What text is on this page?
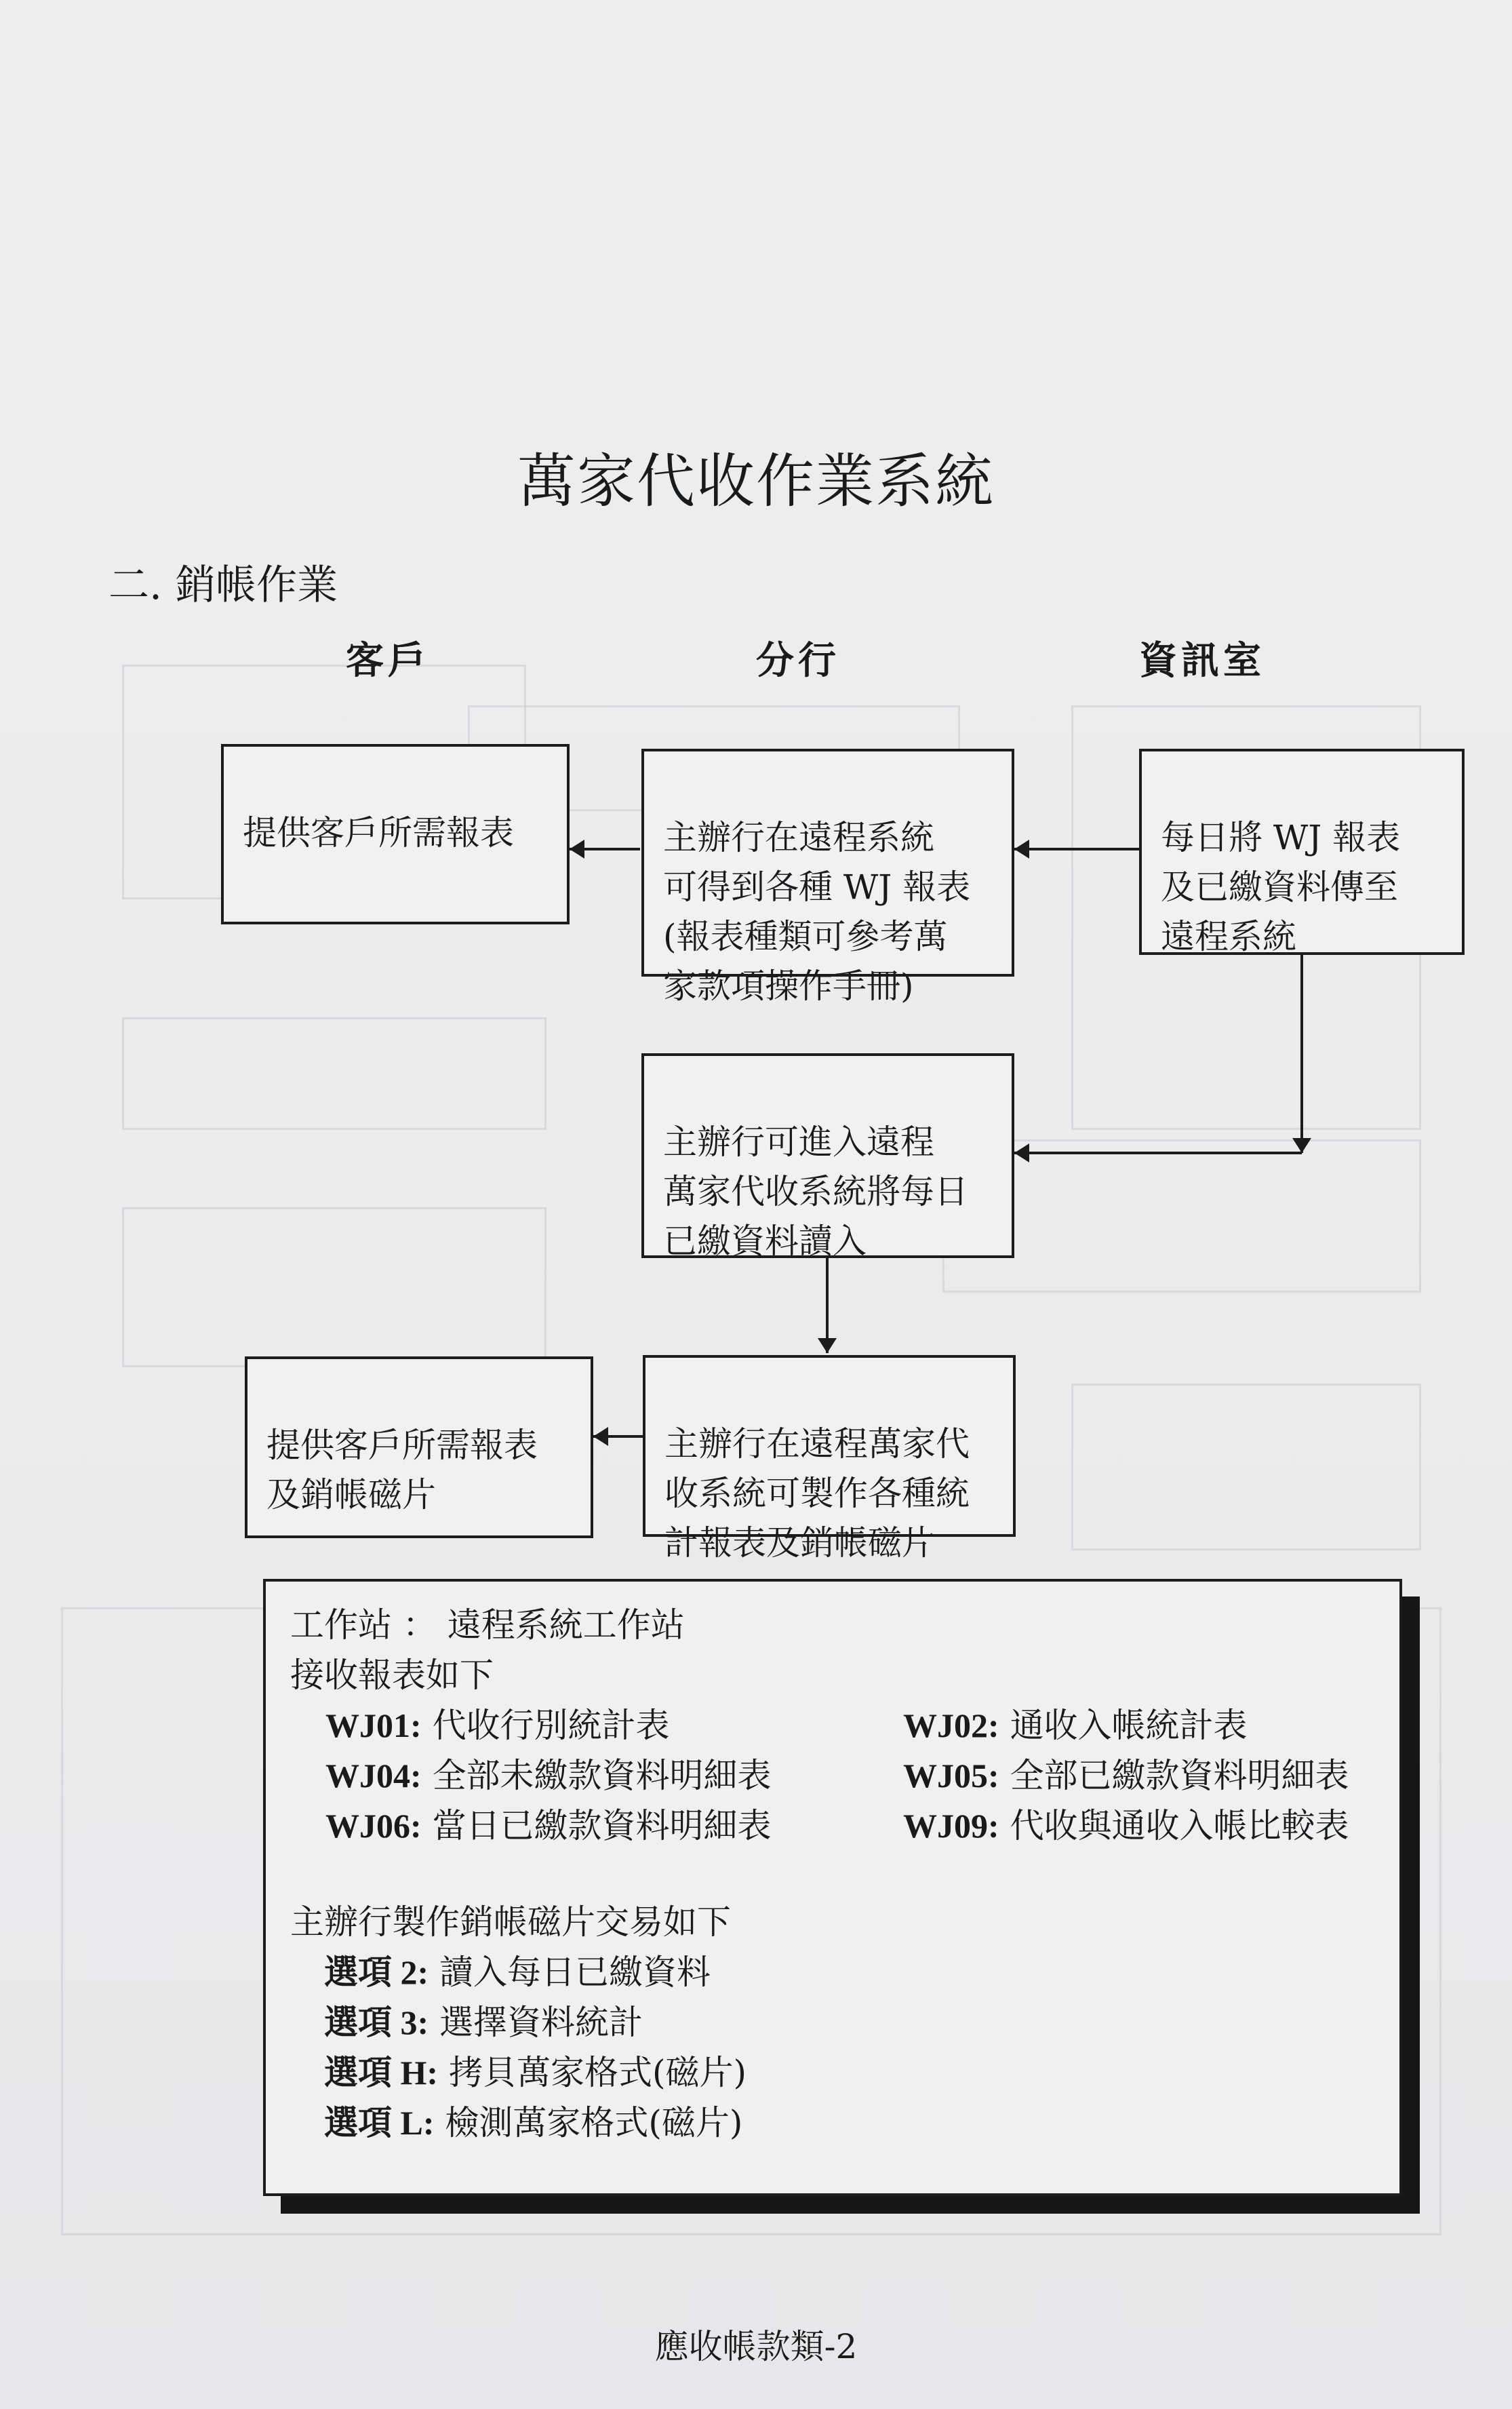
萬家代收作業系統
二. 銷帳作業
客戶	分行	資訊室

每日將 WJ 報表
及已繳資料傳至
遠程系統

主辦行在遠程系統
可得到各種 WJ 報表
(報表種類可參考萬
家款項操作手冊)

提供客戶所需報表

主辦行可進入遠程
萬家代收系統將每日
已繳資料讀入

主辦行在遠程萬家代
收系統可製作各種統
計報表及銷帳磁片

提供客戶所需報表
及銷帳磁片

工作站 ： 遠程系統工作站
接收報表如下
WJ01: 代收行別統計表	WJ02: 通收入帳統計表
WJ04: 全部未繳款資料明細表	WJ05: 全部已繳款資料明細表
WJ06: 當日已繳款資料明細表	WJ09: 代收與通收入帳比較表
主辦行製作銷帳磁片交易如下
選項 2: 讀入每日已繳資料
選項 3: 選擇資料統計
選項 H: 拷貝萬家格式(磁片)
選項 L: 檢測萬家格式(磁片)
應收帳款類-2
